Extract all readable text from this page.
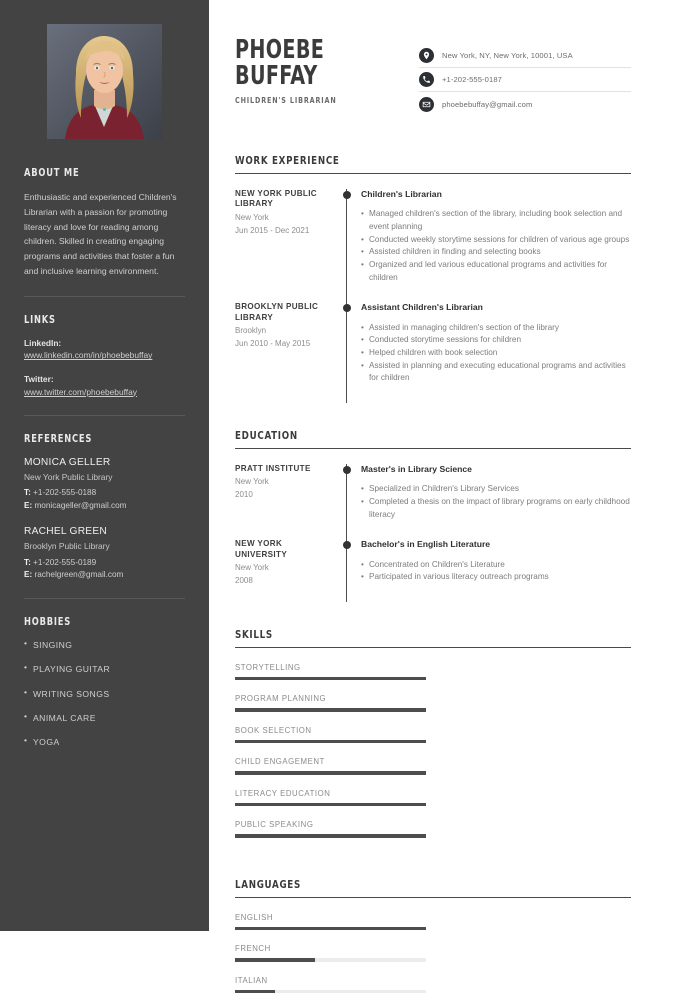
ABOUT ME
Enthusiastic and experienced Children's Librarian with a passion for promoting literacy and love for reading among children. Skilled in creating engaging programs and activities that foster a fun and inclusive learning environment.
LINKS
LinkedIn:
www.linkedin.com/in/phoebebuffay
Twitter:
www.twitter.com/phoebebuffay
REFERENCES
MONICA GELLER
New York Public Library
T: +1-202-555-0188
E: monicageller@gmail.com
RACHEL GREEN
Brooklyn Public Library
T: +1-202-555-0189
E: rachelgreen@gmail.com
HOBBIES
• SINGING
• PLAYING GUITAR
• WRITING SONGS
• ANIMAL CARE
• YOGA
PHOEBE
BUFFAY
CHILDREN'S LIBRARIAN
New York, NY, New York, 10001, USA
+1-202-555-0187
phoebebuffay@gmail.com
WORK EXPERIENCE
NEW YORK PUBLIC LIBRARY
New York
Jun 2015 - Dec 2021
Children's Librarian
• Managed children's section of the library, including book selection and event planning
• Conducted weekly storytime sessions for children of various age groups
• Assisted children in finding and selecting books
• Organized and led various educational programs and activities for children
BROOKLYN PUBLIC LIBRARY
Brooklyn
Jun 2010 - May 2015
Assistant Children's Librarian
• Assisted in managing children's section of the library
• Conducted storytime sessions for children
• Helped children with book selection
• Assisted in planning and executing educational programs and activities for children
EDUCATION
PRATT INSTITUTE
New York
2010
Master's in Library Science
• Specialized in Children's Library Services
• Completed a thesis on the impact of library programs on early childhood literacy
NEW YORK UNIVERSITY
New York
2008
Bachelor's in English Literature
• Concentrated on Children's Literature
• Participated in various literacy outreach programs
SKILLS
STORYTELLING
PROGRAM PLANNING
BOOK SELECTION
CHILD ENGAGEMENT
LITERACY EDUCATION
PUBLIC SPEAKING
LANGUAGES
ENGLISH
FRENCH
ITALIAN
